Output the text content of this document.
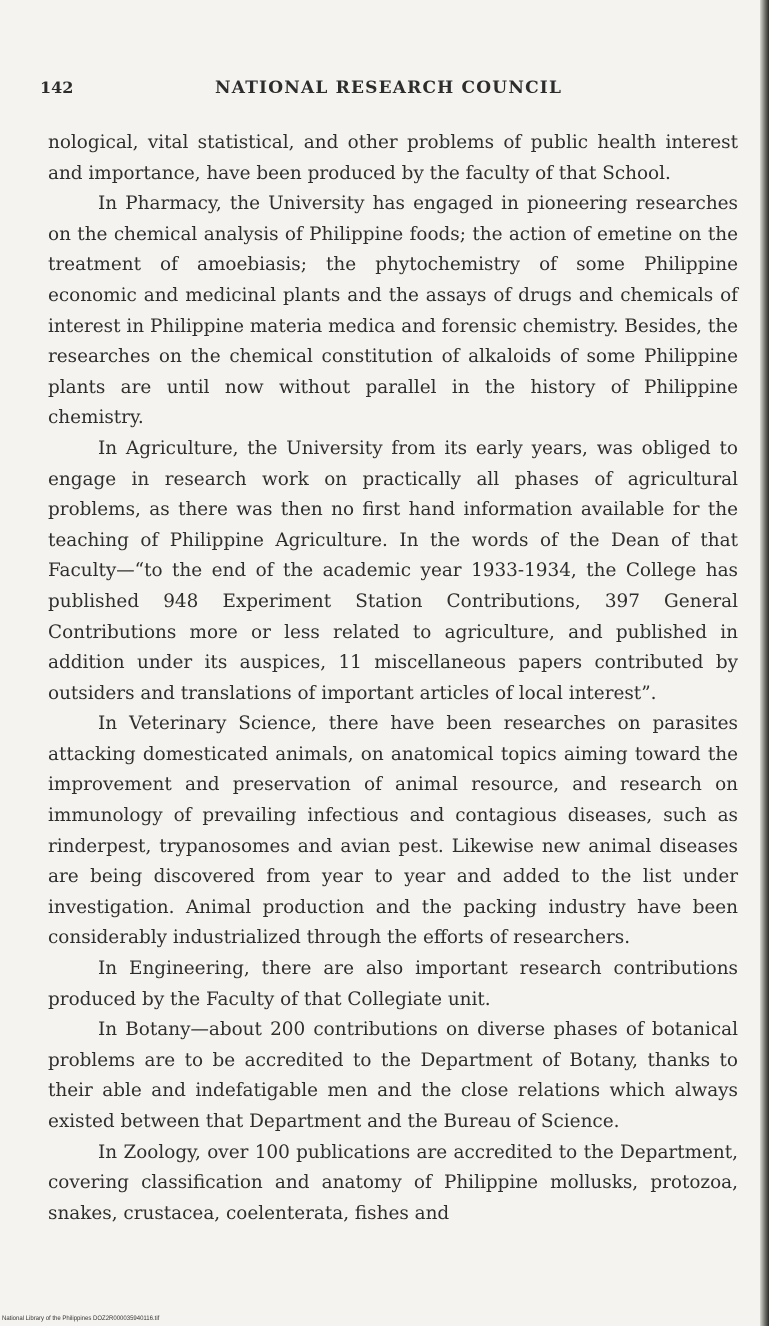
142	NATIONAL RESEARCH COUNCIL

nological, vital statistical, and other problems of public health interest and importance, have been produced by the faculty of that School.

In Pharmacy, the University has engaged in pioneering researches on the chemical analysis of Philippine foods; the action of emetine on the treatment of amoebiasis; the phytochemistry of some Philippine economic and medicinal plants and the assays of drugs and chemicals of interest in Philippine materia medica and forensic chemistry. Besides, the researches on the chemical constitution of alkaloids of some Philippine plants are until now without parallel in the history of Philippine chemistry.

In Agriculture, the University from its early years, was obliged to engage in research work on practically all phases of agricultural problems, as there was then no first hand information available for the teaching of Philippine Agriculture. In the words of the Dean of that Faculty—“to the end of the academic year 1933-1934, the College has published 948 Experiment Station Contributions, 397 General Contributions more or less related to agriculture, and published in addition under its auspices, 11 miscellaneous papers contributed by outsiders and translations of important articles of local interest”.

In Veterinary Science, there have been researches on parasites attacking domesticated animals, on anatomical topics aiming toward the improvement and preservation of animal resource, and research on immunology of prevailing infectious and contagious diseases, such as rinderpest, trypanosomes and avian pest. Likewise new animal diseases are being discovered from year to year and added to the list under investigation. Animal production and the packing industry have been considerably industrialized through the efforts of researchers.

In Engineering, there are also important research contributions produced by the Faculty of that Collegiate unit.

In Botany—about 200 contributions on diverse phases of botanical problems are to be accredited to the Department of Botany, thanks to their able and indefatigable men and the close relations which always existed between that Department and the Bureau of Science.

In Zoology, over 100 publications are accredited to the Department, covering classification and anatomy of Philippine mollusks, protozoa, snakes, crustacea, coelenterata, fishes and

National Library of the Philippines DOZ2R000035940116.tif
